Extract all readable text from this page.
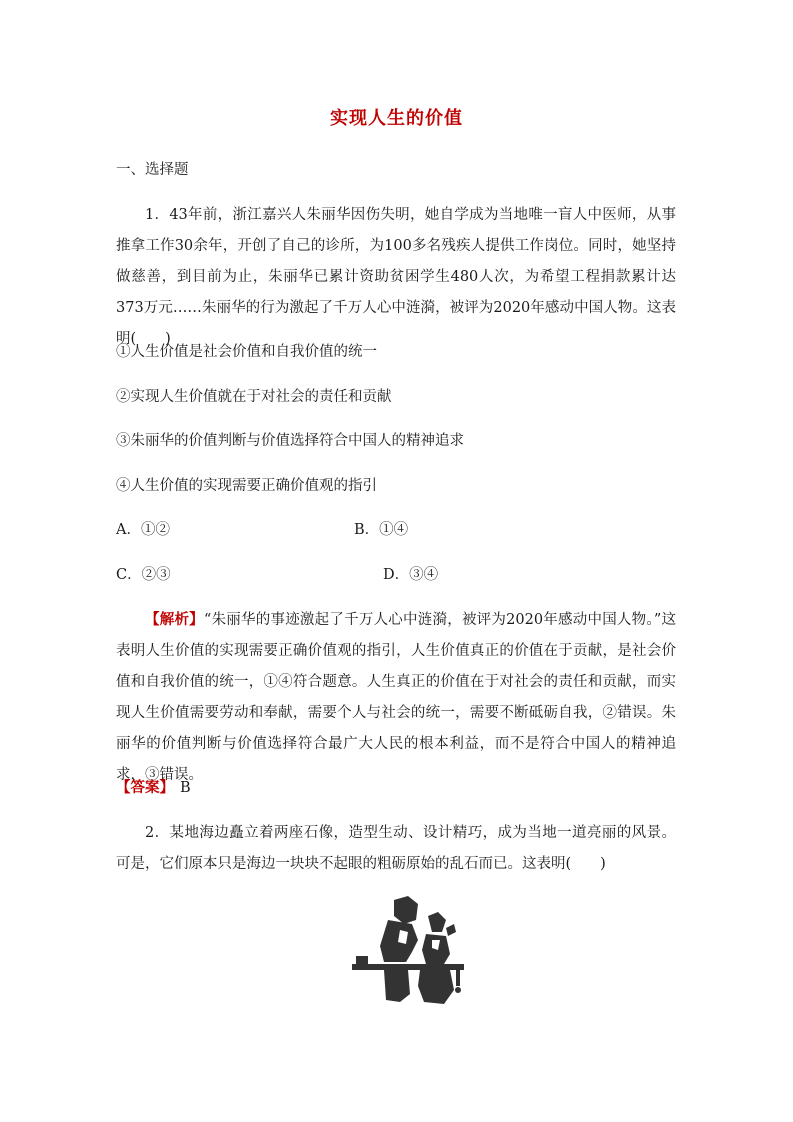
实现人生的价值
一、选择题
1．43年前，浙江嘉兴人朱丽华因伤失明，她自学成为当地唯一盲人中医师，从事推拿工作30余年，开创了自己的诊所，为100多名残疾人提供工作岗位。同时，她坚持做慈善，到目前为止，朱丽华已累计资助贫困学生480人次，为希望工程捐款累计达373万元……朱丽华的行为激起了千万人心中涟漪，被评为2020年感动中国人物。这表明(　　)
①人生价值是社会价值和自我价值的统一
②实现人生价值就在于对社会的责任和贡献
③朱丽华的价值判断与价值选择符合中国人的精神追求
④人生价值的实现需要正确价值观的指引
A．①②	B．①④
C．②③	D．③④
【解析】“朱丽华的事迹激起了千万人心中涟漪，被评为2020年感动中国人物。”这表明人生价值的实现需要正确价值观的指引，人生价值真正的价值在于贡献，是社会价值和自我价值的统一，①④符合题意。人生真正的价值在于对社会的责任和贡献，而实现人生价值需要劳动和奉献，需要个人与社会的统一，需要不断砥砺自我，②错误。朱丽华的价值判断与价值选择符合最广大人民的根本利益，而不是符合中国人的精神追求，③错误。
【答案】 B
2．某地海边矗立着两座石像，造型生动、设计精巧，成为当地一道亮丽的风景。可是，它们原本只是海边一块块不起眼的粗砺原始的乱石而已。这表明(　　)
